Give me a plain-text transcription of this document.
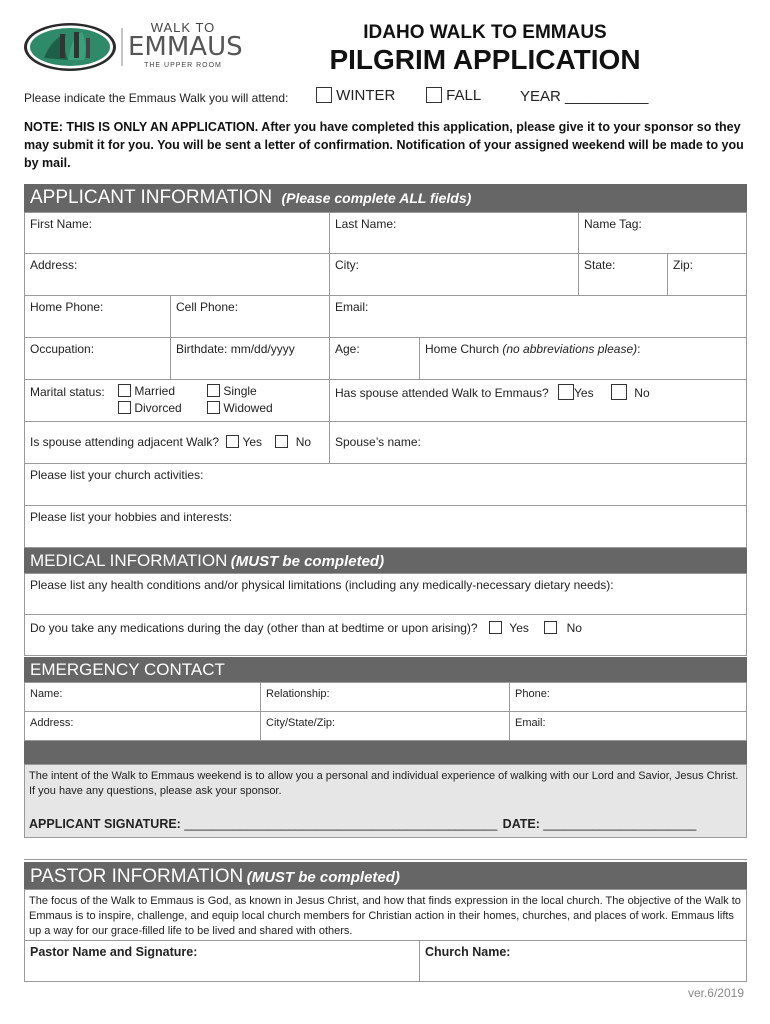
WALK TO
EMMAUS
THE UPPER ROOM
IDAHO WALK TO EMMAUS
PILGRIM APPLICATION
Please indicate the Emmaus Walk you will attend:	WINTER	FALL	YEAR __________
NOTE: THIS IS ONLY AN APPLICATION. After you have completed this application, please give it to your sponsor so they may submit it for you. You will be sent a letter of confirmation. Notification of your assigned weekend will be made to you by mail.
APPLICANT INFORMATION (Please complete ALL fields)
First Name:	Last Name:	Name Tag:
Address:	City:	State:	Zip:
Home Phone:	Cell Phone:	Email:
Occupation:	Birthdate: mm/dd/yyyy	Age:	Home Church (no abbreviations please):
Marital status:	Married	Single
Divorced	Widowed
Has spouse attended Walk to Emmaus? Yes	No
Is spouse attending adjacent Walk? Yes	No	Spouse’s name:
Please list your church activities:
Please list your hobbies and interests:
MEDICAL INFORMATION (MUST be completed)
Please list any health conditions and/or physical limitations (including any medically-necessary dietary needs):
Do you take any medications during the day (other than at bedtime or upon arising)?	Yes	No
EMERGENCY CONTACT
Name:	Relationship:	Phone:
Address:	City/State/Zip:	Email:
The intent of the Walk to Emmaus weekend is to allow you a personal and individual experience of walking with our Lord and Savior, Jesus Christ. If you have any questions, please ask your sponsor.
APPLICANT SIGNATURE: _____________________________________________ DATE: ______________________
PASTOR INFORMATION (MUST be completed)
The focus of the Walk to Emmaus is God, as known in Jesus Christ, and how that finds expression in the local church. The objective of the Walk to Emmaus is to inspire, challenge, and equip local church members for Christian action in their homes, churches, and places of work. Emmaus lifts up a way for our grace-filled life to be lived and shared with others.
Pastor Name and Signature:	Church Name:
ver.6/2019
